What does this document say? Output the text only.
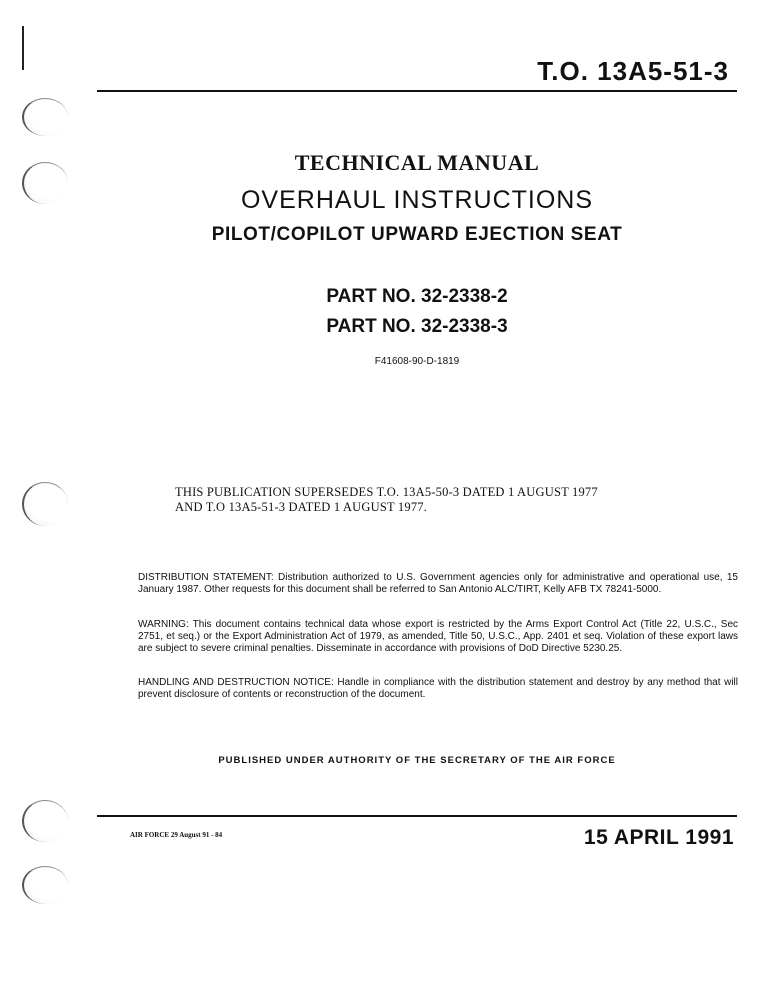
T.O. 13A5-51-3
TECHNICAL MANUAL
OVERHAUL INSTRUCTIONS
PILOT/COPILOT UPWARD EJECTION SEAT

PART NO. 32-2338-2

PART NO. 32-2338-3

F41608-90-D-1819

THIS PUBLICATION SUPERSEDES T.O. 13A5-50-3 DATED 1 AUGUST 1977
AND T.O 13A5-51-3 DATED 1 AUGUST 1977.

DISTRIBUTION STATEMENT: Distribution authorized to U.S. Government agencies only for administrative and operational use, 15 January 1987. Other requests for this document shall be referred to San Antonio ALC/TIRT, Kelly AFB TX 78241-5000.

WARNING: This document contains technical data whose export is restricted by the Arms Export Control Act (Title 22, U.S.C., Sec 2751, et seq.) or the Export Administration Act of 1979, as amended, Title 50, U.S.C., App. 2401 et seq. Violation of these export laws are subject to severe criminal penalties. Disseminate in accordance with provisions of DoD Directive 5230.25.

HANDLING AND DESTRUCTION NOTICE: Handle in compliance with the distribution statement and destroy by any method that will prevent disclosure of contents or reconstruction of the document.

PUBLISHED UNDER AUTHORITY OF THE SECRETARY OF THE AIR FORCE

AIR FORCE 29 August 91 - 84	15 APRIL 1991
